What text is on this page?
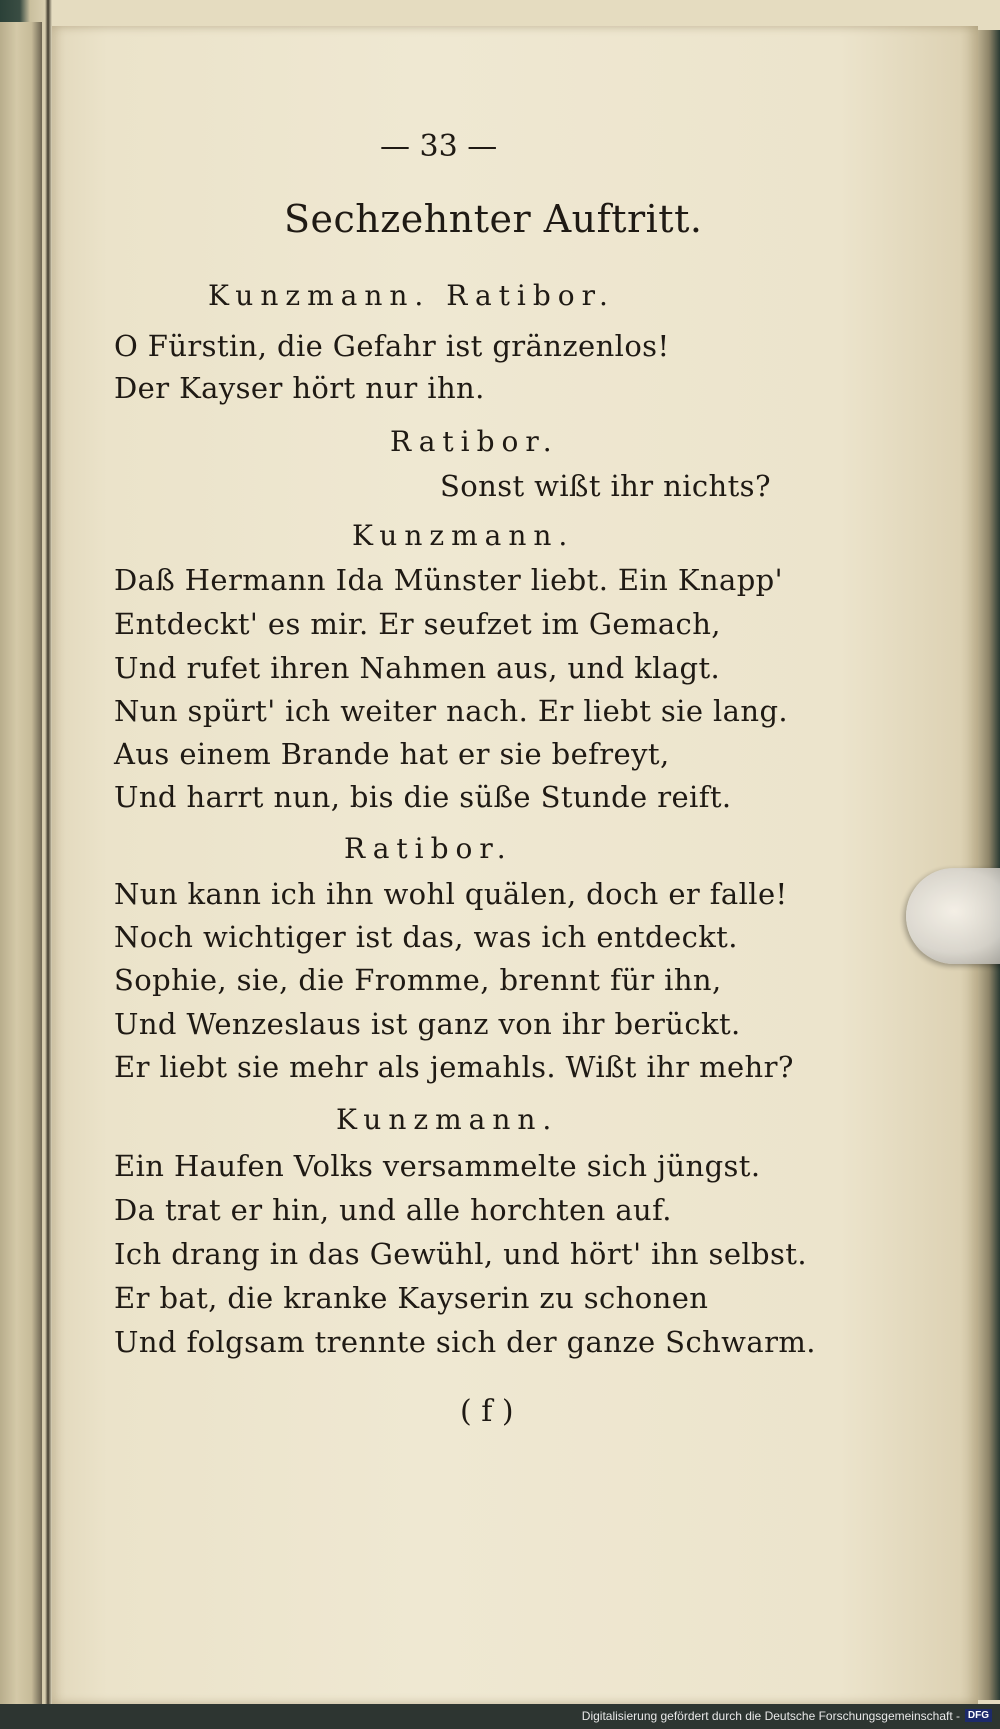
— 33 —
Sechzehnter Auftritt.
Kunzmann. Ratibor.
O Fürstin, die Gefahr ist gränzenlos!
Der Kayser hört nur ihn.
Ratibor.
Sonst wißt ihr nichts?
Kunzmann.
Daß Hermann Ida Münster liebt. Ein Knapp'
Entdeckt' es mir. Er seufzet im Gemach,
Und rufet ihren Nahmen aus, und klagt.
Nun spürt' ich weiter nach. Er liebt sie lang.
Aus einem Brande hat er sie befreyt,
Und harrt nun, bis die süße Stunde reift.
Ratibor.
Nun kann ich ihn wohl quälen, doch er falle!
Noch wichtiger ist das, was ich entdeckt.
Sophie, sie, die Fromme, brennt für ihn,
Und Wenzeslaus ist ganz von ihr berückt.
Er liebt sie mehr als jemahls. Wißt ihr mehr?
Kunzmann.
Ein Haufen Volks versammelte sich jüngst.
Da trat er hin, und alle horchten auf.
Ich drang in das Gewühl, und hört' ihn selbst.
Er bat, die kranke Kayserin zu schonen
Und folgsam trennte sich der ganze Schwarm.
( f )
Digitalisierung gefördert durch die Deutsche Forschungsgemeinschaft - DFG
